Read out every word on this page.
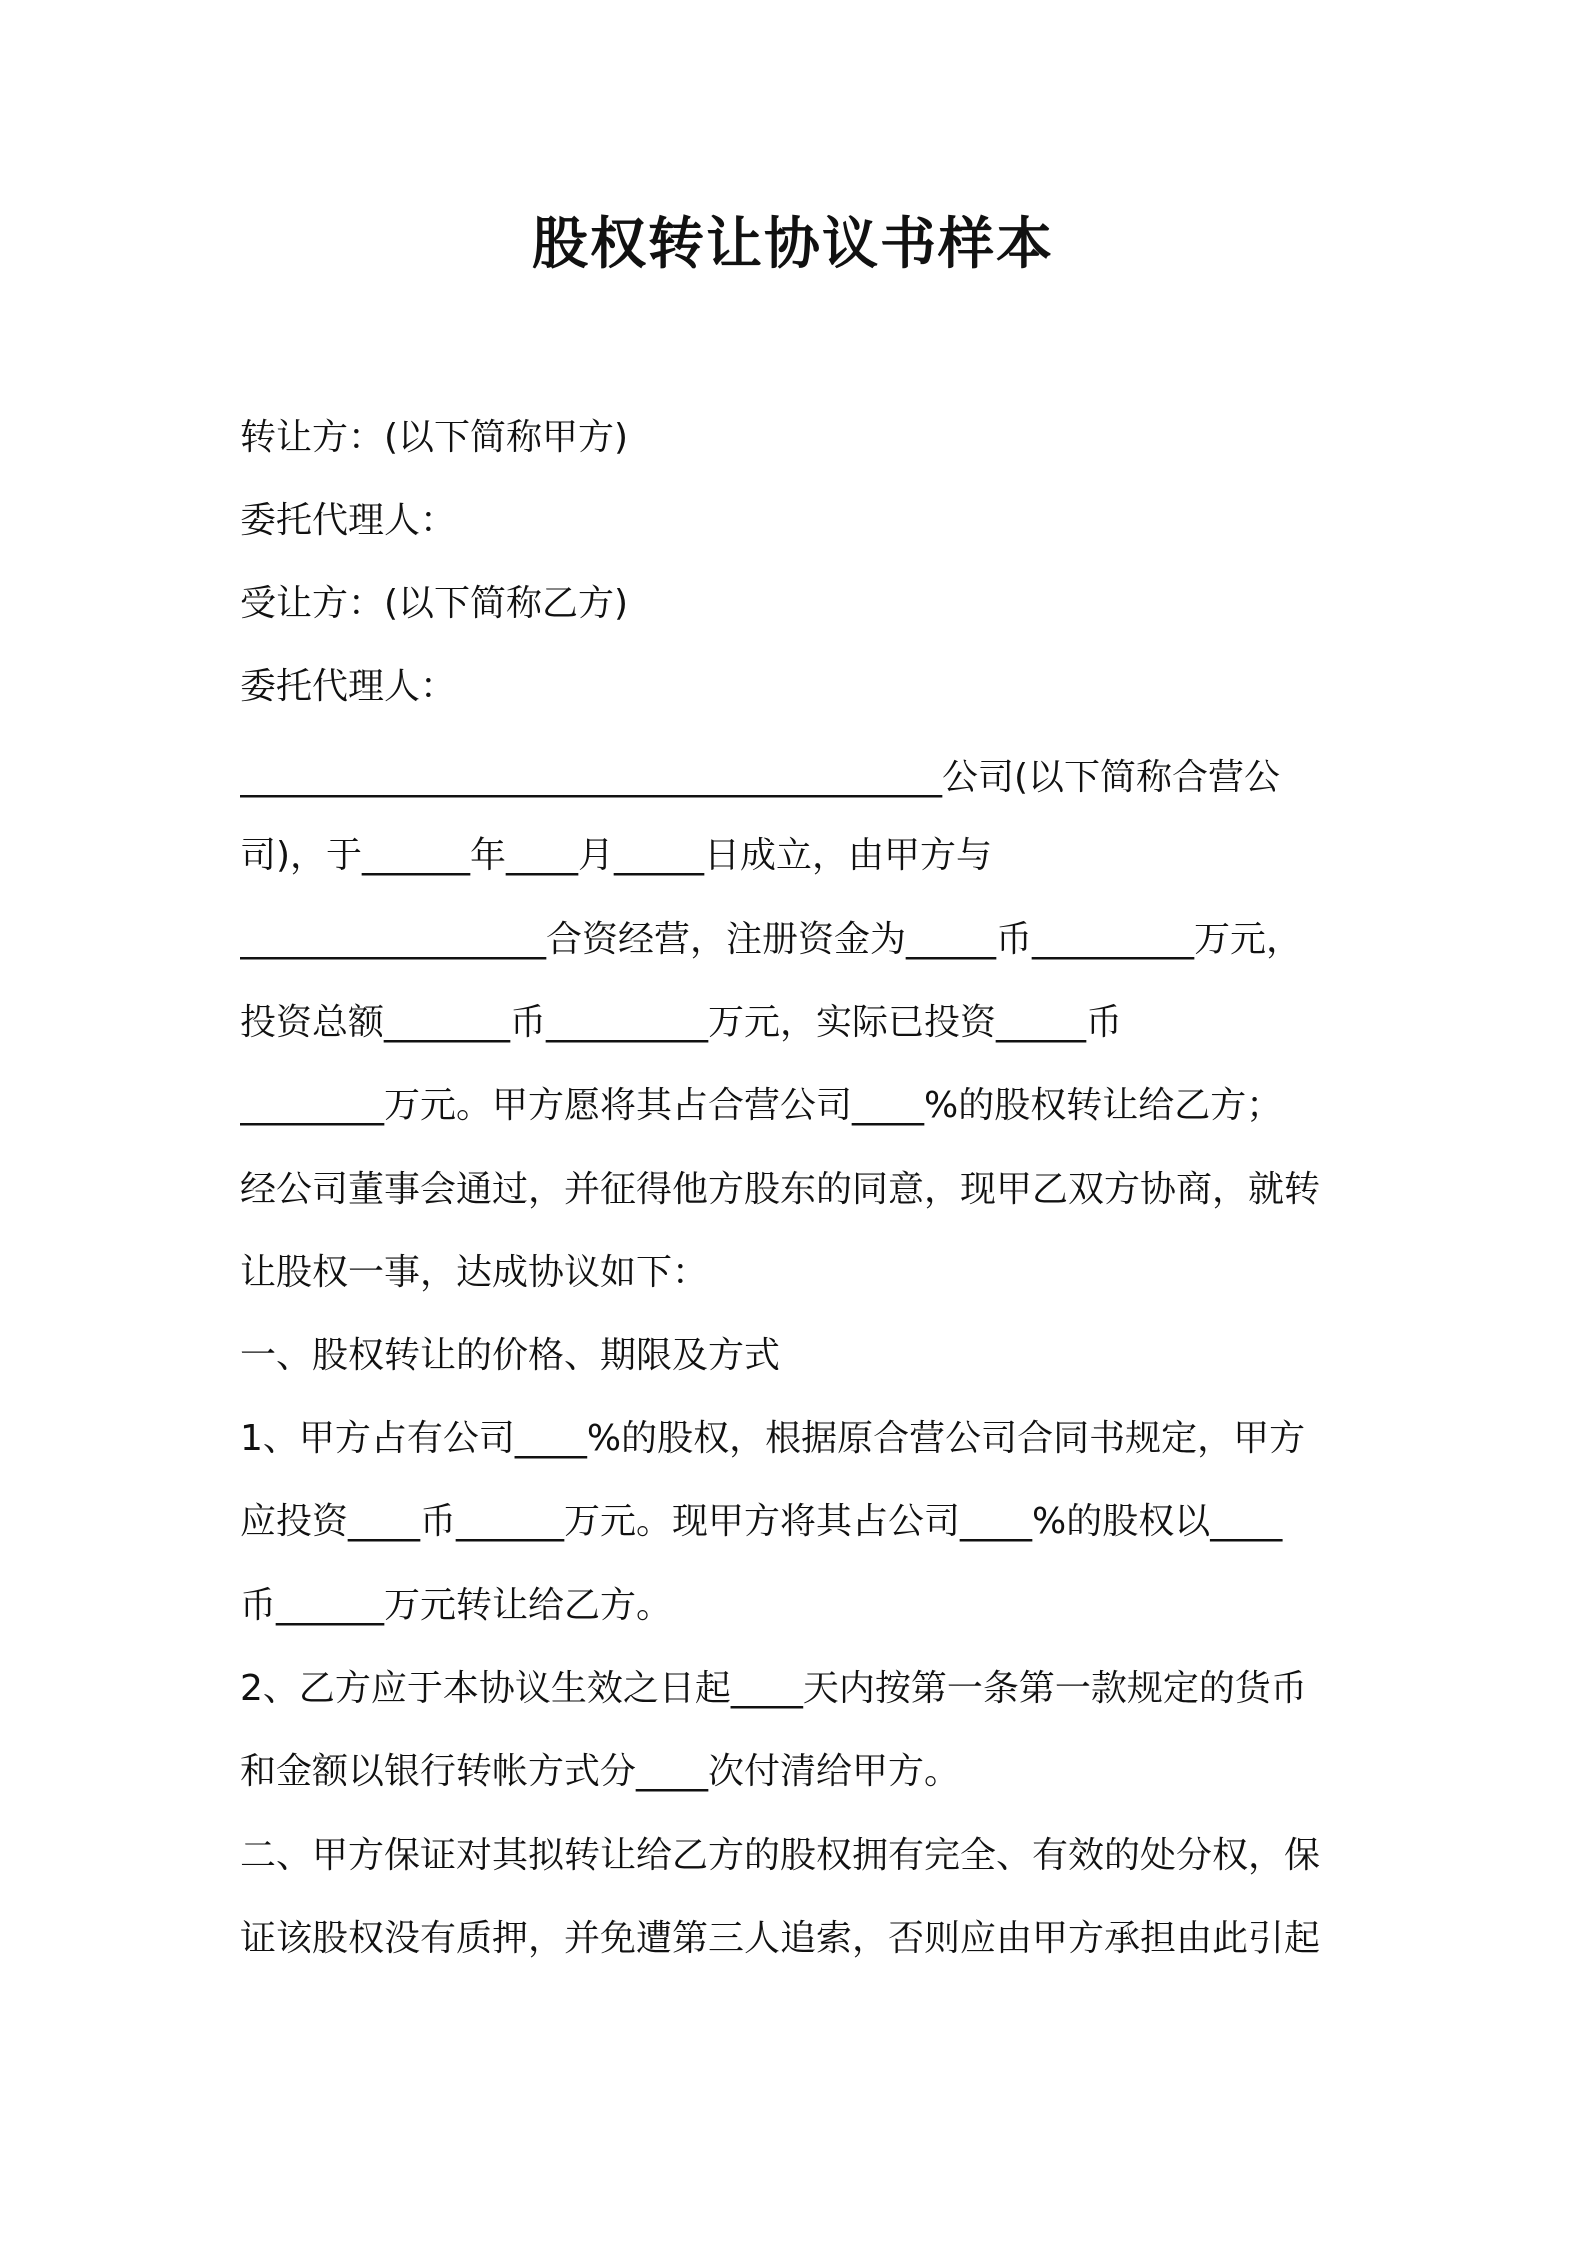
股权转让协议书样本
转让方：(以下简称甲方)
委托代理人：
受让方：(以下简称乙方)
委托代理人：
_______________________________________公司(以下简称合营公
司)，于______年____月_____日成立，由甲方与
_________________合资经营，注册资金为_____币_________万元，
投资总额_______币_________万元，实际已投资_____币
________万元。甲方愿将其占合营公司____%的股权转让给乙方；
经公司董事会通过，并征得他方股东的同意，现甲乙双方协商，就转
让股权一事，达成协议如下：
一、股权转让的价格、期限及方式
1、甲方占有公司____%的股权，根据原合营公司合同书规定，甲方
应投资____币______万元。现甲方将其占公司____%的股权以____
币______万元转让给乙方。
2、乙方应于本协议生效之日起____天内按第一条第一款规定的货币
和金额以银行转帐方式分____次付清给甲方。
二、甲方保证对其拟转让给乙方的股权拥有完全、有效的处分权，保
证该股权没有质押，并免遭第三人追索，否则应由甲方承担由此引起
